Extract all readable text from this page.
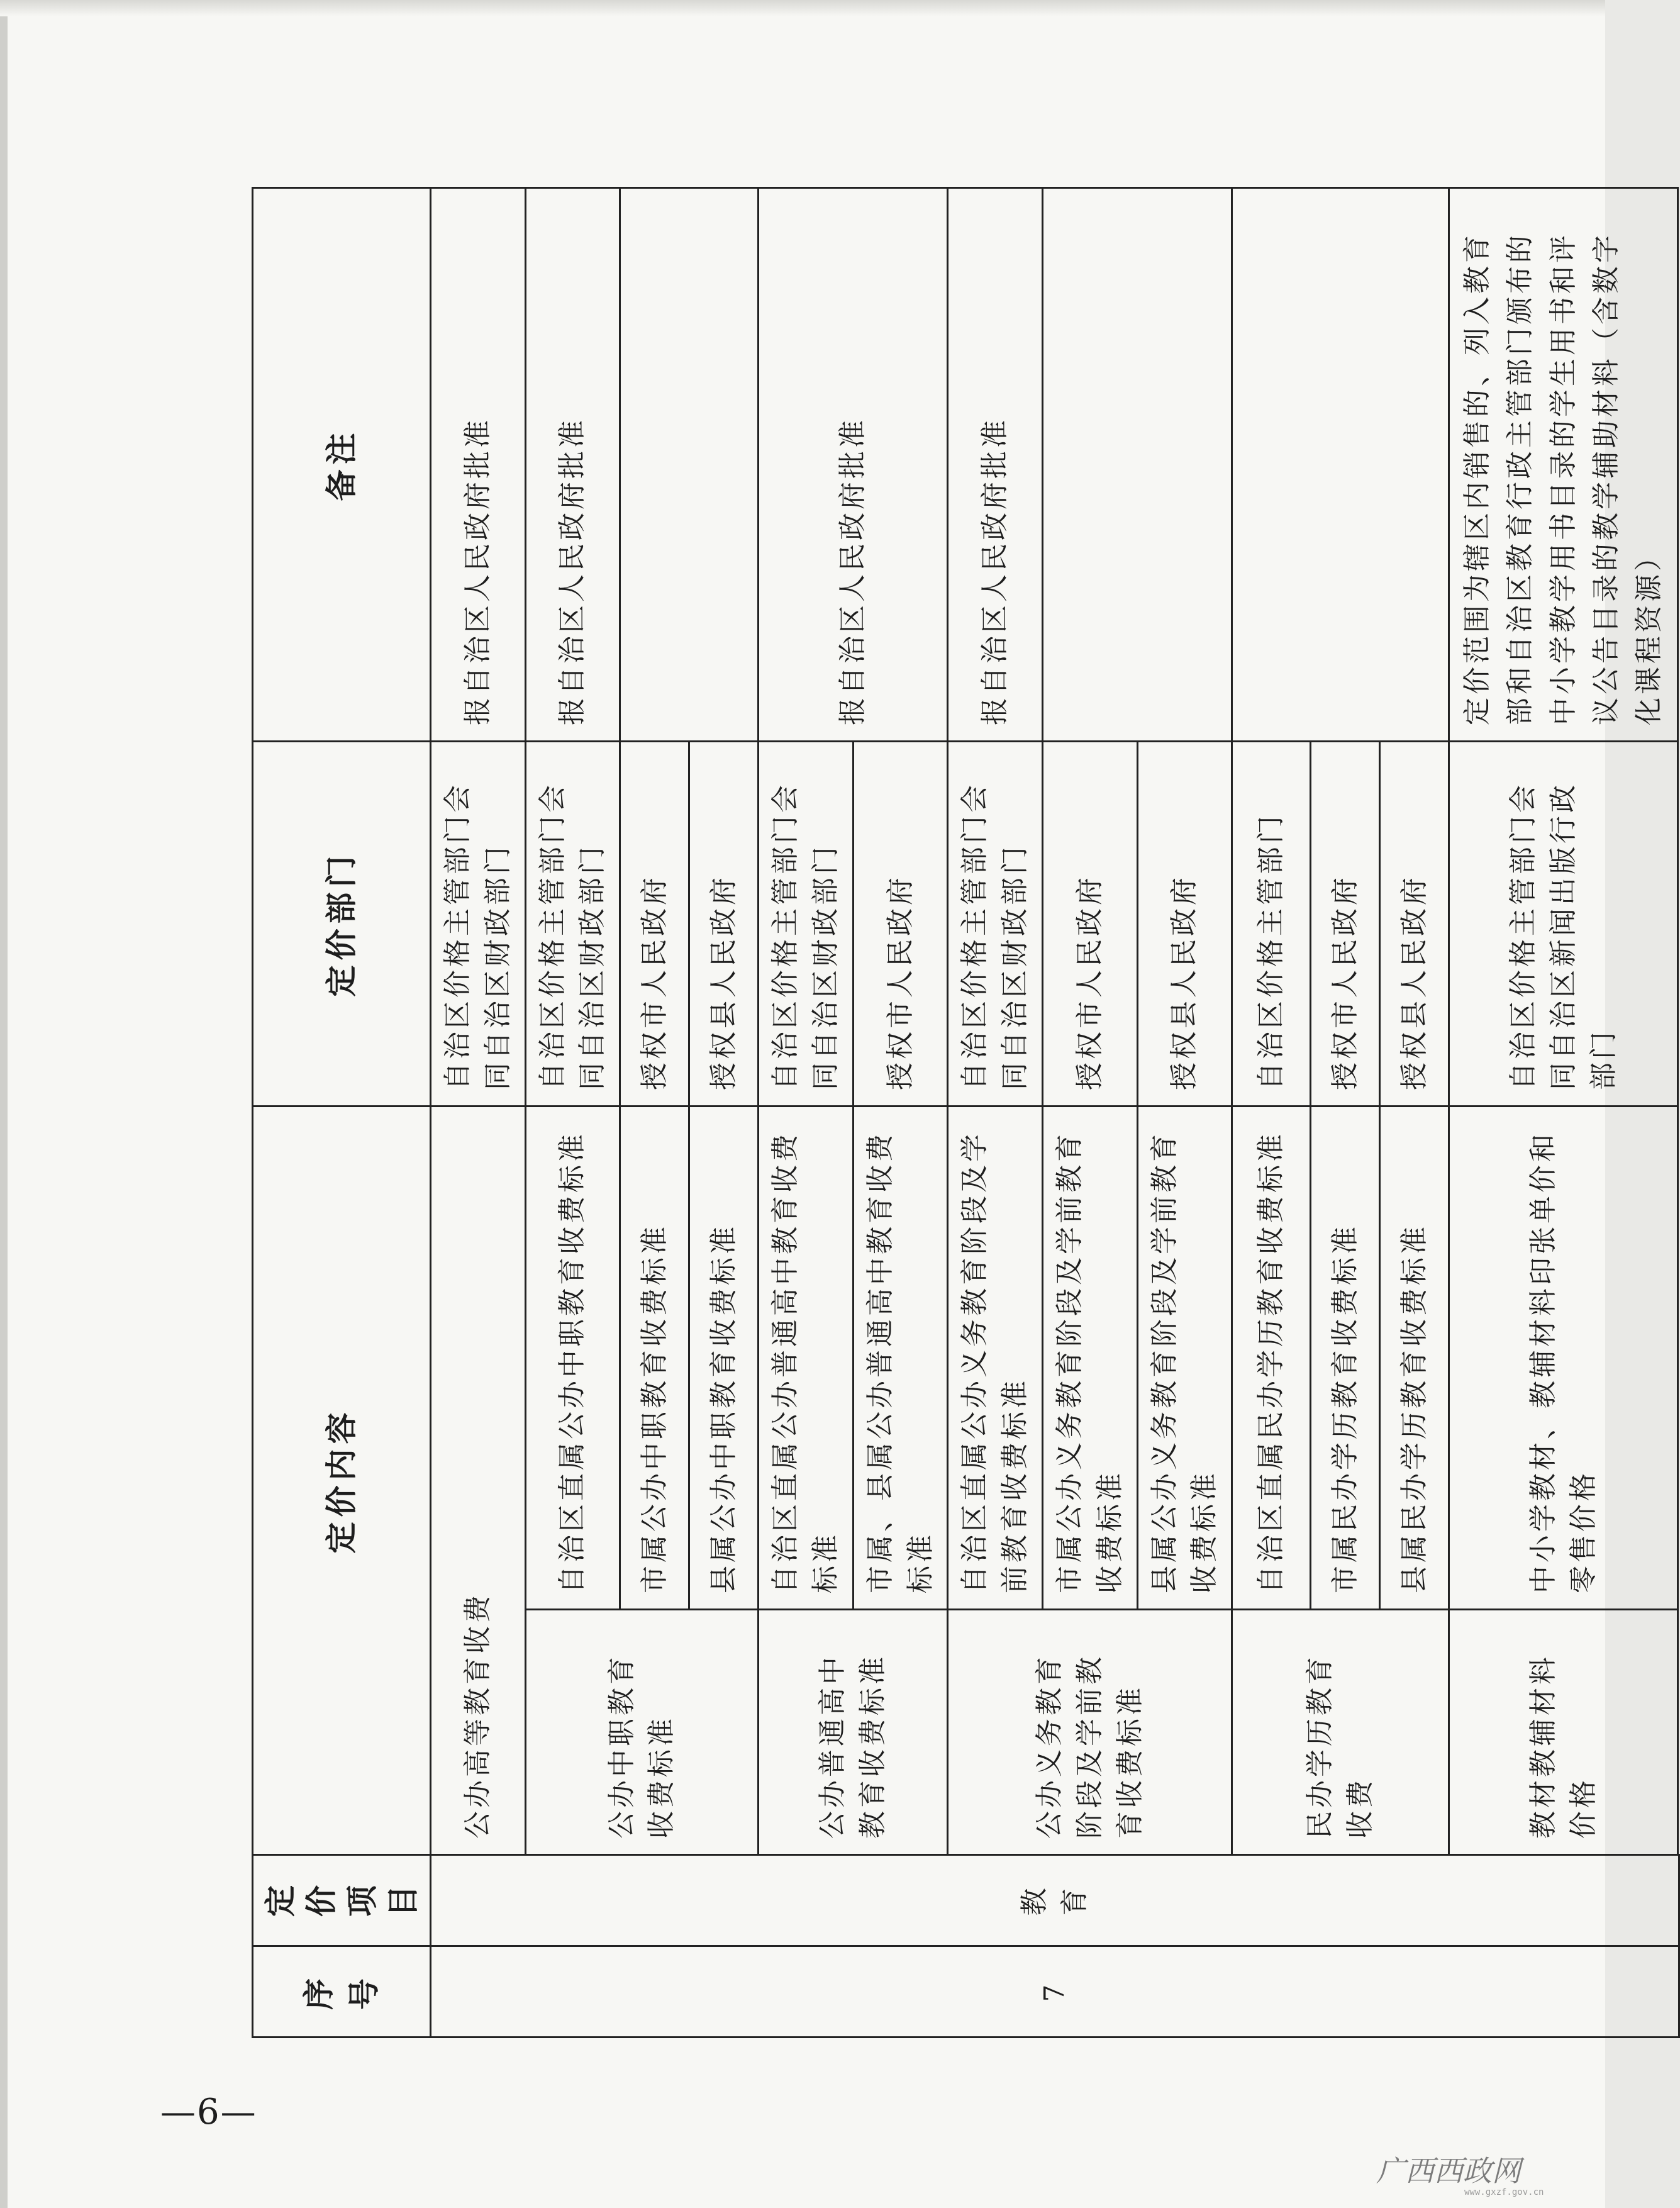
序号	定价项目	定价内容		定价部门	备注
7	教育	公办高等教育收费		自治区价格主管部门会同自治区财政部门	报自治区人民政府批准
		公办中职教育收费标准	自治区直属公办中职教育收费标准	自治区价格主管部门会同自治区财政部门	报自治区人民政府批准
			市属公办中职教育收费标准	授权市人民政府	
			县属公办中职教育收费标准	授权县人民政府	
		公办普通高中教育收费标准	自治区直属公办普通高中教育收费标准	自治区价格主管部门会同自治区财政部门	报自治区人民政府批准
			市属、县属公办普通高中教育收费标准	授权市人民政府	
		公办义务教育阶段及学前教育收费标准	自治区直属公办义务教育阶段及学前教育收费标准	自治区价格主管部门会同自治区财政部门	报自治区人民政府批准
			市属公办义务教育阶段及学前教育收费标准	授权市人民政府	
			县属公办义务教育阶段及学前教育收费标准	授权县人民政府	
		民办学历教育收费	自治区直属民办学历教育收费标准	自治区价格主管部门	
			市属民办学历教育收费标准	授权市人民政府	
			县属民办学历教育收费标准	授权县人民政府	
		教材教辅材料价格	中小学教材、教辅材料印张单价和零售价格	自治区价格主管部门会同自治区新闻出版行政部门	定价范围为辖区内销售的、列入教育部和自治区教育行政主管部门颁布的中小学教学用书目录的学生用书和评议公告目录的教学辅助材料（含数字化课程资源）

—6—
广西西政网
www.gxzf.gov.cn
